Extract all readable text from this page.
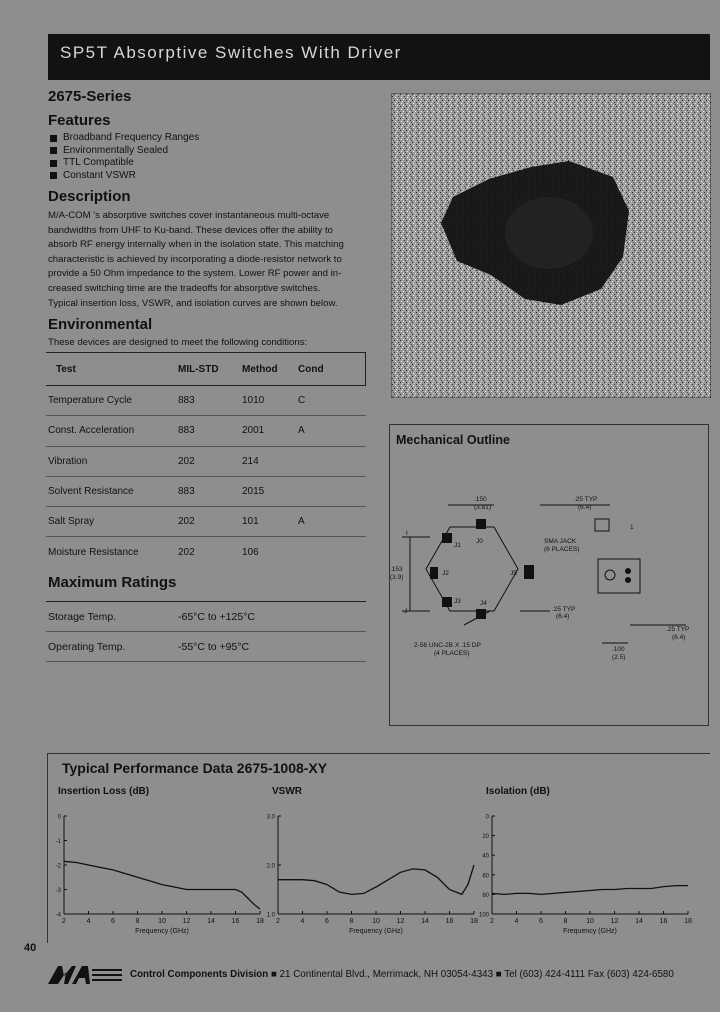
SP5T Absorptive Switches With Driver
2675-Series
Features
Broadband Frequency Ranges
Environmentally Sealed
TTL Compatible
Constant VSWR
Description
M/A-COM 's absorptive switches cover instantaneous multi-octave
bandwidths from UHF to Ku-band. These devices offer the ability to
absorb RF energy internally when in the isolation state. This matching
characteristic is achieved by incorporating a diode-resistor network to
provide a 50 Ohm impedance to the system. Lower RF power and in-
creased switching time are the tradeoffs for absorptive switches.
Typical insertion loss, VSWR, and isolation curves are shown below.
Environmental
These devices are designed to meet the following conditions:
Test	MIL-STD	Method	Cond
Temperature Cycle	883	1010	C
Const. Acceleration	883	2001	A
Vibration	202	214
Solvent Resistance	883	2015
Salt Spray	202	101	A
Moisture Resistance	202	106
Maximum Ratings
Storage Temp.	-65°C to +125°C
Operating Temp.	-55°C to +95°C
Mechanical Outline
.150
(3.81)
.25 TYP
(6.4)
.153
(3.9)
SMA JACK
(6 PLACES)
.25 TYP
(6.4)
2-56 UNC-2B X .15 DP
(4 PLACES)
.100
(2.5)
.25 TYP
(6.4)
J0
J1
J2
J3	J4
J5
1
I
J
Typical Performance Data 2675-1008-XY
Insertion Loss (dB)	VSWR	Isolation (dB)
0
-1
-2
-3
-4
2	4	6	8	10 12 14 16 18
Frequency (GHz)
3.0
2.0
1.0
2	4	6	8	10 12 14 16 18
Frequency (GHz)
0
20
40
60
80
100
2	4	6	8	10 12 14 16 18
Frequency (GHz)
40
Control Components Division ■ 21 Continental Blvd., Merrimack, NH 03054-4343 ■ Tel (603) 424-4111 Fax (603) 424-6580
